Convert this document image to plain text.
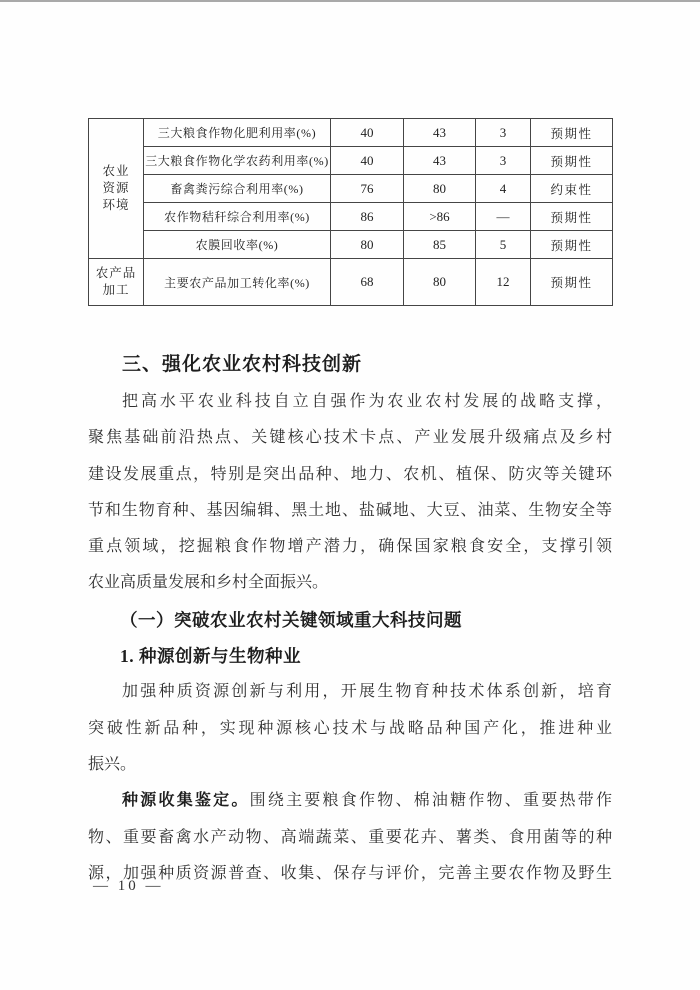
农业
资源
环境	三大粮食作物化肥利用率(%)	40	43	3	预期性
	三大粮食作物化学农药利用率(%)	40	43	3	预期性
	畜禽粪污综合利用率(%)	76	80	4	约束性
	农作物秸秆综合利用率(%)	86	>86	—	预期性
	农膜回收率(%)	80	85	5	预期性

农产品
加工	主要农产品加工转化率(%)	68	80	12	预期性
三、强化农业农村科技创新
把高水平农业科技自立自强作为农业农村发展的战略支撑，
聚焦基础前沿热点、关键核心技术卡点、产业发展升级痛点及乡村
建设发展重点，特别是突出品种、地力、农机、植保、防灾等关键环
节和生物育种、基因编辑、黑土地、盐碱地、大豆、油菜、生物安全等
重点领域，挖掘粮食作物增产潜力，确保国家粮食安全，支撑引领
农业高质量发展和乡村全面振兴。
（一）突破农业农村关键领域重大科技问题
1. 种源创新与生物种业
加强种质资源创新与利用，开展生物育种技术体系创新，培育
突破性新品种，实现种源核心技术与战略品种国产化，推进种业
振兴。
种源收集鉴定。围绕主要粮食作物、棉油糖作物、重要热带作
物、重要畜禽水产动物、高端蔬菜、重要花卉、薯类、食用菌等的种
源，加强种质资源普查、收集、保存与评价，完善主要农作物及野生
— 10 —
